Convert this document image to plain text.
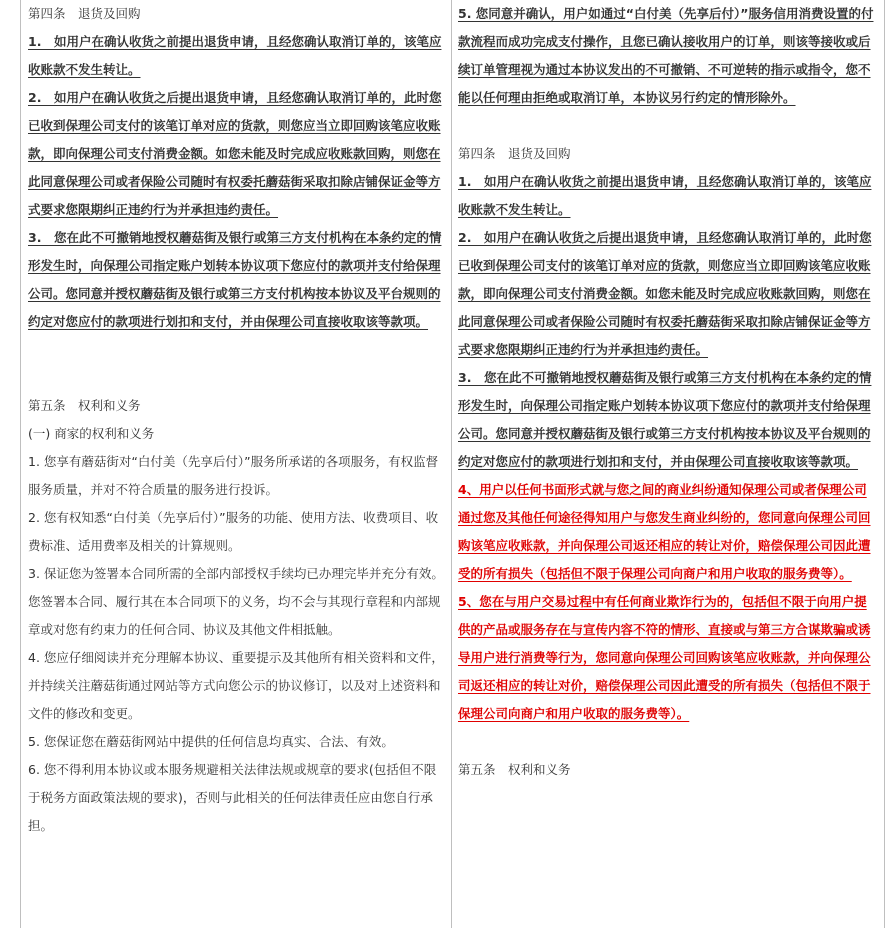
第四条　退货及回购

1.　如用户在确认收货之前提出退货申请，且经您确认取消订单的，该笔应收账款不发生转让。

2.　如用户在确认收货之后提出退货申请，且经您确认取消订单的，此时您已收到保理公司支付的该笔订单对应的货款，则您应当立即回购该笔应收账款，即向保理公司支付消费金额。如您未能及时完成应收账款回购，则您在此同意保理公司或者保险公司随时有权委托蘑菇街采取扣除店铺保证金等方式要求您限期纠正违约行为并承担违约责任。

3.　您在此不可撤销地授权蘑菇街及银行或第三方支付机构在本条约定的情形发生时，向保理公司指定账户划转本协议项下您应付的款项并支付给保理公司。您同意并授权蘑菇街及银行或第三方支付机构按本协议及平台规则的约定对您应付的款项进行划扣和支付，并由保理公司直接收取该等款项。

第五条　权利和义务

(一) 商家的权利和义务

1. 您享有蘑菇街对“白付美（先享后付）”服务所承诺的各项服务，有权监督服务质量，并对不符合质量的服务进行投诉。

2. 您有权知悉“白付美（先享后付）”服务的功能、使用方法、收费项目、收费标准、适用费率及相关的计算规则。

3. 保证您为签署本合同所需的全部内部授权手续均已办理完毕并充分有效。您签署本合同、履行其在本合同项下的义务，均不会与其现行章程和内部规章或对您有约束力的任何合同、协议及其他文件相抵触。

4. 您应仔细阅读并充分理解本协议、重要提示及其他所有相关资料和文件，并持续关注蘑菇街通过网站等方式向您公示的协议修订，以及对上述资料和文件的修改和变更。

5. 您保证您在蘑菇街网站中提供的任何信息均真实、合法、有效。

6. 您不得利用本协议或本服务规避相关法律法规或规章的要求(包括但不限于税务方面政策法规的要求)，否则与此相关的任何法律责任应由您自行承担。

5. 您同意并确认，用户如通过“白付美（先享后付）”服务信用消费设置的付款流程而成功完成支付操作，且您已确认接收用户的订单，则该等接收或后续订单管理视为通过本协议发出的不可撤销、不可逆转的指示或指令，您不能以任何理由拒绝或取消订单，本协议另行约定的情形除外。

第四条　退货及回购

1.　如用户在确认收货之前提出退货申请，且经您确认取消订单的，该笔应收账款不发生转让。

2.　如用户在确认收货之后提出退货申请，且经您确认取消订单的，此时您已收到保理公司支付的该笔订单对应的货款，则您应当立即回购该笔应收账款，即向保理公司支付消费金额。如您未能及时完成应收账款回购，则您在此同意保理公司或者保险公司随时有权委托蘑菇街采取扣除店铺保证金等方式要求您限期纠正违约行为并承担违约责任。

3.　您在此不可撤销地授权蘑菇街及银行或第三方支付机构在本条约定的情形发生时，向保理公司指定账户划转本协议项下您应付的款项并支付给保理公司。您同意并授权蘑菇街及银行或第三方支付机构按本协议及平台规则的约定对您应付的款项进行划扣和支付，并由保理公司直接收取该等款项。

4、用户以任何书面形式就与您之间的商业纠纷通知保理公司或者保理公司通过您及其他任何途径得知用户与您发生商业纠纷的，您同意向保理公司回购该笔应收账款，并向保理公司返还相应的转让对价，赔偿保理公司因此遭受的所有损失（包括但不限于保理公司向商户和用户收取的服务费等）。

5、您在与用户交易过程中有任何商业欺诈行为的，包括但不限于向用户提供的产品或服务存在与宣传内容不符的情形、直接或与第三方合谋欺骗或诱导用户进行消费等行为，您同意向保理公司回购该笔应收账款，并向保理公司返还相应的转让对价，赔偿保理公司因此遭受的所有损失（包括但不限于保理公司向商户和用户收取的服务费等）。

第五条　权利和义务
